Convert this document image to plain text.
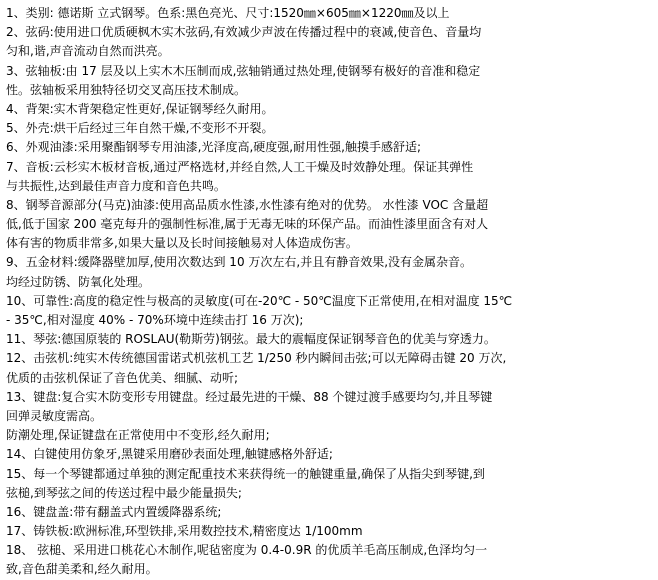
1、类别: 德诺斯 立式钢琴。色系:黑色亮光、尺寸:1520㎜×605㎜×1220㎜及以上
2、弦码:使用进口优质硬枫木实木弦码,有效减少声波在传播过程中的衰减,使音色、音量均
匀和,谐,声音流动自然而洪亮。
3、弦轴板:由 17 层及以上实木木压制而成,弦轴销通过热处理,使钢琴有极好的音准和稳定
性。弦轴板采用独特径切交叉高压技术制成。
4、背架:实木背架稳定性更好,保证钢琴经久耐用。
5、外壳:烘干后经过三年自然干燥,不变形不开裂。
6、外观油漆:采用聚酯钢琴专用油漆,光泽度高,硬度强,耐用性强,触摸手感舒适;
7、音板:云杉实木板材音板,通过严格选材,并经自然,人工干燥及时效静处理。保证其弹性
与共振性,达到最佳声音力度和音色共鸣。
8、钢琴音源部分(马克)油漆:使用高品质水性漆,水性漆有绝对的优势。 水性漆 VOC 含量超
低,低于国家 200 毫克每升的强制性标准,属于无毒无味的环保产品。而油性漆里面含有对人
体有害的物质非常多,如果大量以及长时间接触易对人体造成伤害。
9、五金材料:缓降器壁加厚,使用次数达到 10 万次左右,并且有静音效果,没有金属杂音。
均经过防锈、防氧化处理。
10、可靠性:高度的稳定性与极高的灵敏度(可在-20℃ - 50℃温度下正常使用,在相对温度 15℃
- 35℃,相对湿度 40% - 70%环境中连续击打 16 万次);
11、琴弦:德国原装的 ROSLAU(勒斯劳)钢弦。最大的震幅度保证钢琴音色的优美与穿透力。
12、击弦机:纯实木传统德国雷诺式机弦机工艺 1/250 秒内瞬间击弦;可以无障碍击键 20 万次,
优质的击弦机保证了音色优美、细腻、动听;
13、键盘:复合实木防变形专用键盘。经过最先进的干燥、88 个键过渡手感要均匀,并且琴键
回弹灵敏度需高。
防潮处理,保证键盘在正常使用中不变形,经久耐用;
14、白键使用仿象牙,黑键采用磨砂表面处理,触键感格外舒适;
15、每一个琴键都通过单独的测定配重技术来获得统一的触键重量,确保了从指尖到琴键,到
弦槌,到琴弦之间的传送过程中最少能量损失;
16、键盘盖:带有翻盖式内置缓降器系统;
17、铸铁板:欧洲标准,环型铁排,采用数控技术,精密度达 1/100mm
18、 弦槌、采用进口桃花心木制作,呢毡密度为 0.4-0.9R 的优质羊毛高压制成,色泽均匀一
致,音色甜美柔和,经久耐用。
